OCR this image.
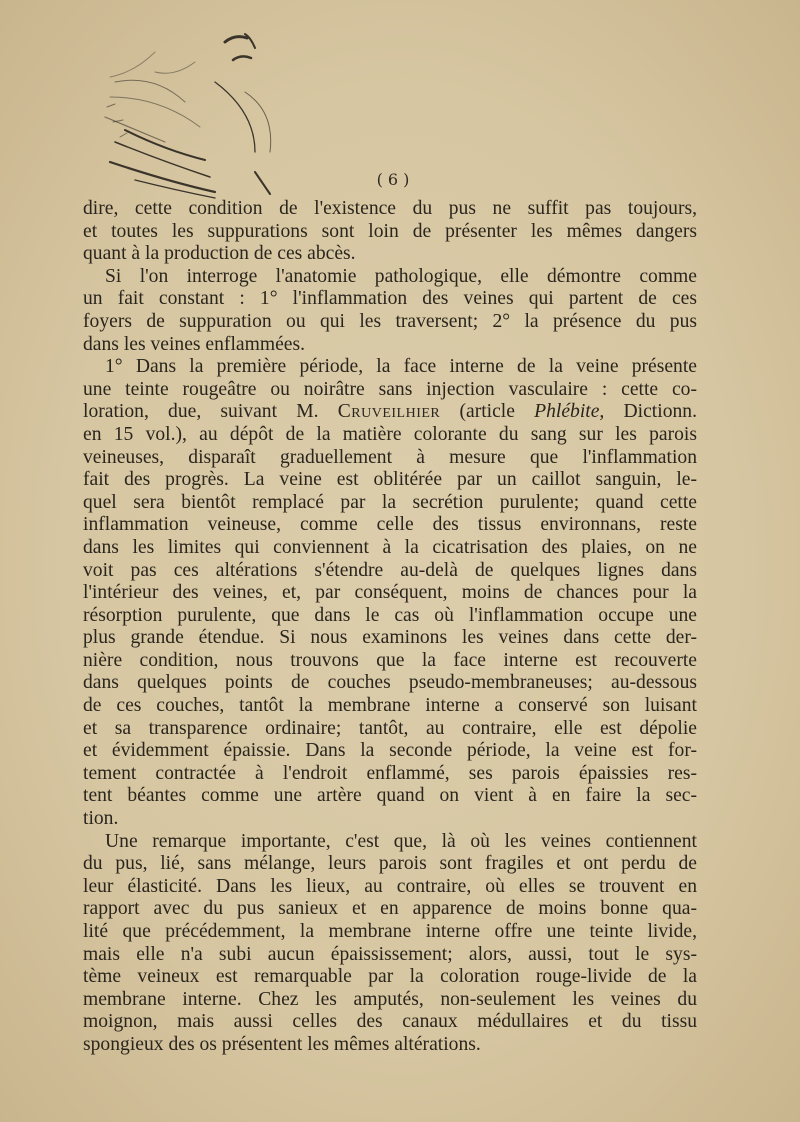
( 6 )
dire, cette condition de l'existence du pus ne suffit pas toujours,
et toutes les suppurations sont loin de présenter les mêmes dangers
quant à la production de ces abcès.
Si l'on interroge l'anatomie pathologique, elle démontre comme
un fait constant : 1° l'inflammation des veines qui partent de ces
foyers de suppuration ou qui les traversent; 2° la présence du pus
dans les veines enflammées.
1° Dans la première période, la face interne de la veine présente
une teinte rougeâtre ou noirâtre sans injection vasculaire : cette co-
loration, due, suivant M. Cruveilhier (article Phlébite, Dictionn.
en 15 vol.), au dépôt de la matière colorante du sang sur les parois
veineuses, disparaît graduellement à mesure que l'inflammation
fait des progrès. La veine est oblitérée par un caillot sanguin, le-
quel sera bientôt remplacé par la secrétion purulente; quand cette
inflammation veineuse, comme celle des tissus environnans, reste
dans les limites qui conviennent à la cicatrisation des plaies, on ne
voit pas ces altérations s'étendre au-delà de quelques lignes dans
l'intérieur des veines, et, par conséquent, moins de chances pour la
résorption purulente, que dans le cas où l'inflammation occupe une
plus grande étendue. Si nous examinons les veines dans cette der-
nière condition, nous trouvons que la face interne est recouverte
dans quelques points de couches pseudo-membraneuses; au-dessous
de ces couches, tantôt la membrane interne a conservé son luisant
et sa transparence ordinaire; tantôt, au contraire, elle est dépolie
et évidemment épaissie. Dans la seconde période, la veine est for-
tement contractée à l'endroit enflammé, ses parois épaissies res-
tent béantes comme une artère quand on vient à en faire la sec-
tion.
Une remarque importante, c'est que, là où les veines contiennent
du pus, lié, sans mélange, leurs parois sont fragiles et ont perdu de
leur élasticité. Dans les lieux, au contraire, où elles se trouvent en
rapport avec du pus sanieux et en apparence de moins bonne qua-
lité que précédemment, la membrane interne offre une teinte livide,
mais elle n'a subi aucun épaississement; alors, aussi, tout le sys-
tème veineux est remarquable par la coloration rouge-livide de la
membrane interne. Chez les amputés, non-seulement les veines du
moignon, mais aussi celles des canaux médullaires et du tissu
spongieux des os présentent les mêmes altérations.
